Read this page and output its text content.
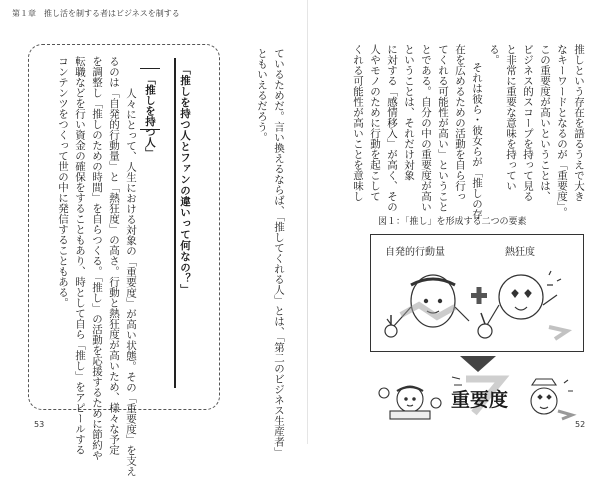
第１章　推し活を制する者はビジネスを制する
ているためだ。言い換えるならば、「推してくれる人」とは、「第二のビジネス生産者」
ともいえるだろう。
「推しを持つ人とファンの違いって何なの？」
「推しを持つ人」
人々にとって、人生における対象の「重要度」が高い状態。その「重要度」を支え
るのは「自発的行動量」と「熱狂度」の高さ。行動と熱狂度が高いため、様々な予定
を調整し「推しのための時間」を自らつくる。「推し」の活動を応援するために節約や
転職などを行い資金の確保をすることもあり、時として自ら「推し」をアピールする
コンテンツをつくって世の中に発信することもある。
53
推しという存在を語るうえで大き
なキーワードとなるのが「重要度」。
この重要度が高いということは、
ビジネス的スコープを持って見る
と非常に重要な意味を持ってい
る。
それは彼ら・彼女らが「推しの存
在を広めるための活動を自ら行っ
てくれる可能性が高い」ということ
とである。自分の中の重要度が高い
ということは、それだけ対象
に対する「感情移入」が高く、その
人やモノのために行動を起こして
くれる可能性が高いことを意味し
図１：「推し」を形成する二つの要素
自発的行動量	熱狂度
重要度
52
